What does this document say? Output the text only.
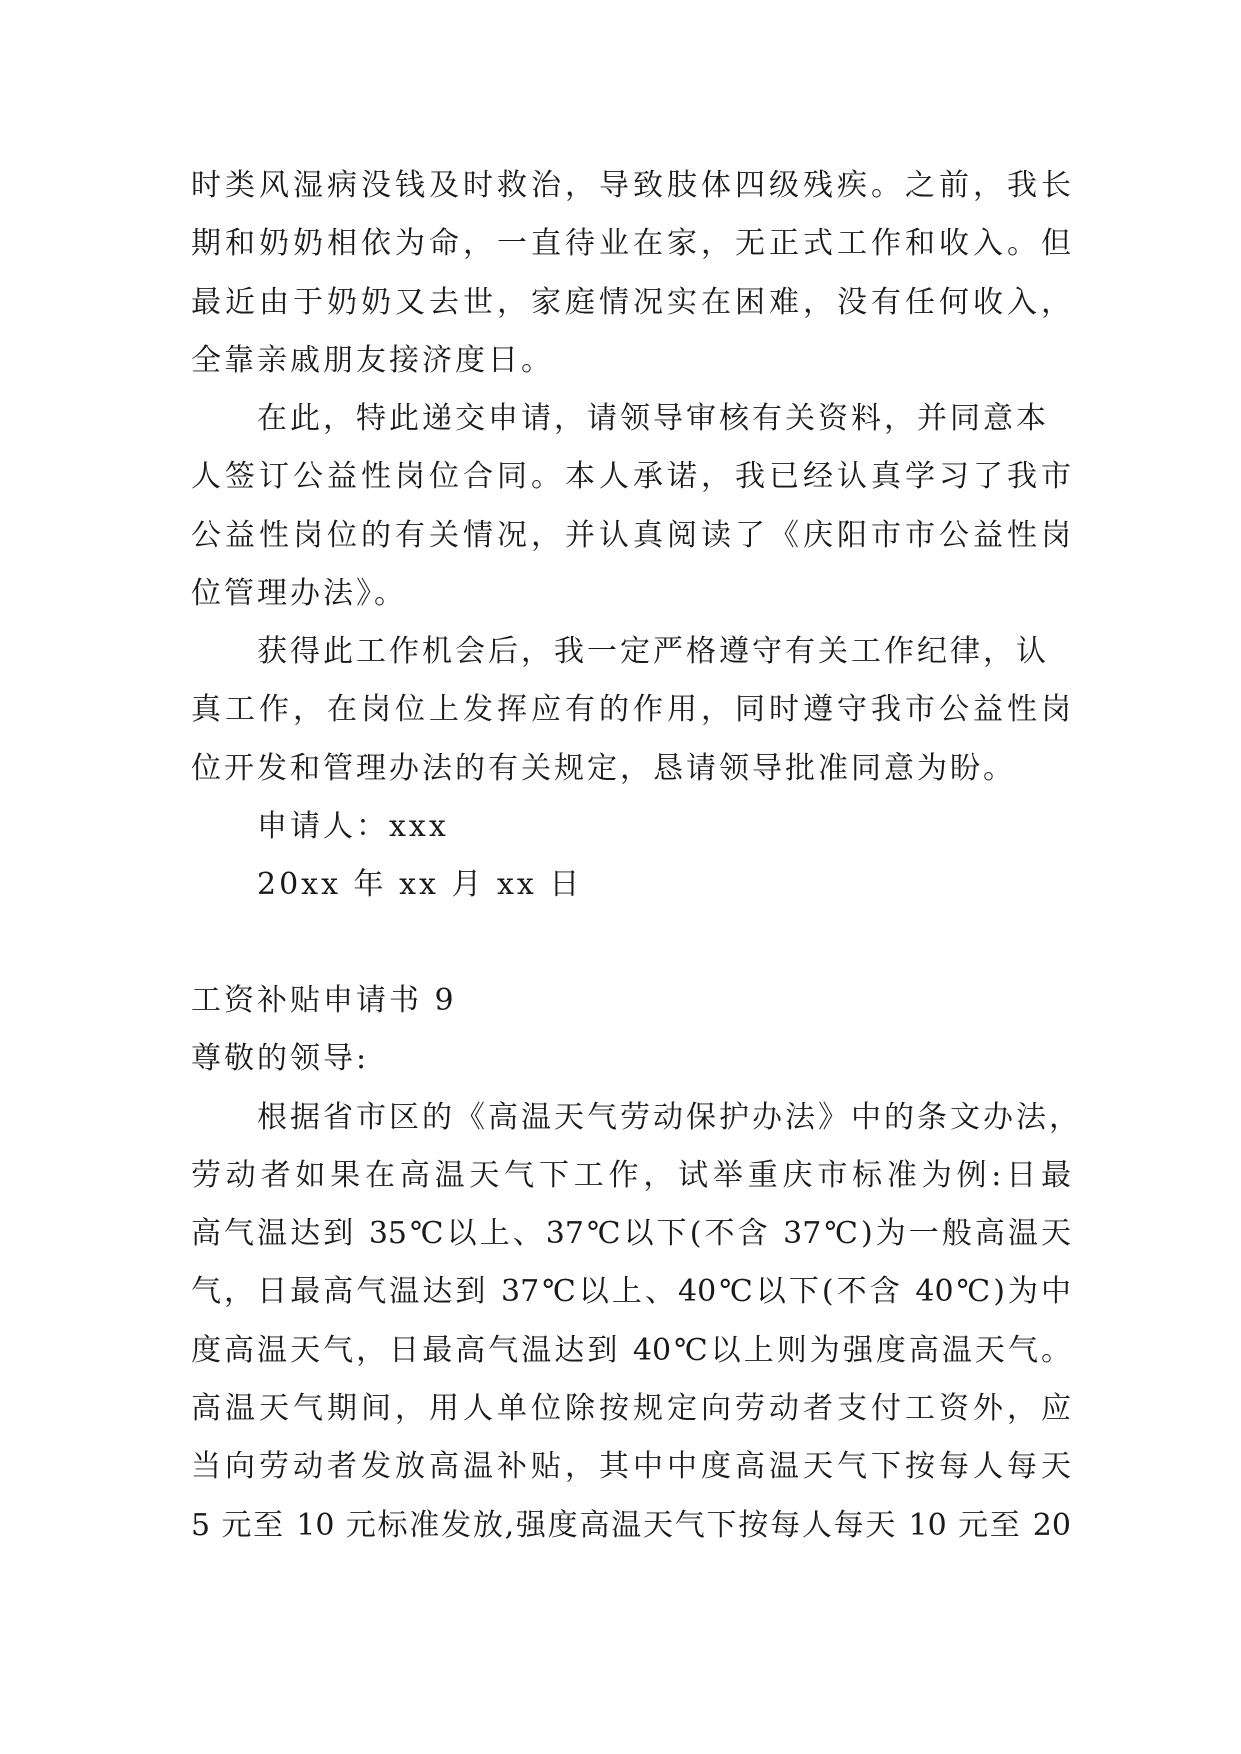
时类风湿病没钱及时救治，导致肢体四级残疾。之前，我长
期和奶奶相依为命，一直待业在家，无正式工作和收入。但
最近由于奶奶又去世，家庭情况实在困难，没有任何收入，
全靠亲戚朋友接济度日。
在此，特此递交申请，请领导审核有关资料，并同意本
人签订公益性岗位合同。本人承诺，我已经认真学习了我市
公益性岗位的有关情况，并认真阅读了《庆阳市市公益性岗
位管理办法》。
获得此工作机会后，我一定严格遵守有关工作纪律，认
真工作，在岗位上发挥应有的作用，同时遵守我市公益性岗
位开发和管理办法的有关规定，恳请领导批准同意为盼。
申请人：xxx
20xx 年 xx 月 xx 日
工资补贴申请书 9
尊敬的领导:
根据省市区的《高温天气劳动保护办法》中的条文办法，
劳动者如果在高温天气下工作，试举重庆市标准为例:日最
高气温达到 35℃以上、37℃以下(不含 37℃)为一般高温天
气，日最高气温达到 37℃以上、40℃以下(不含 40℃)为中
度高温天气，日最高气温达到 40℃以上则为强度高温天气。
高温天气期间，用人单位除按规定向劳动者支付工资外，应
当向劳动者发放高温补贴，其中中度高温天气下按每人每天
5 元至 10 元标准发放,强度高温天气下按每人每天 10 元至 20
